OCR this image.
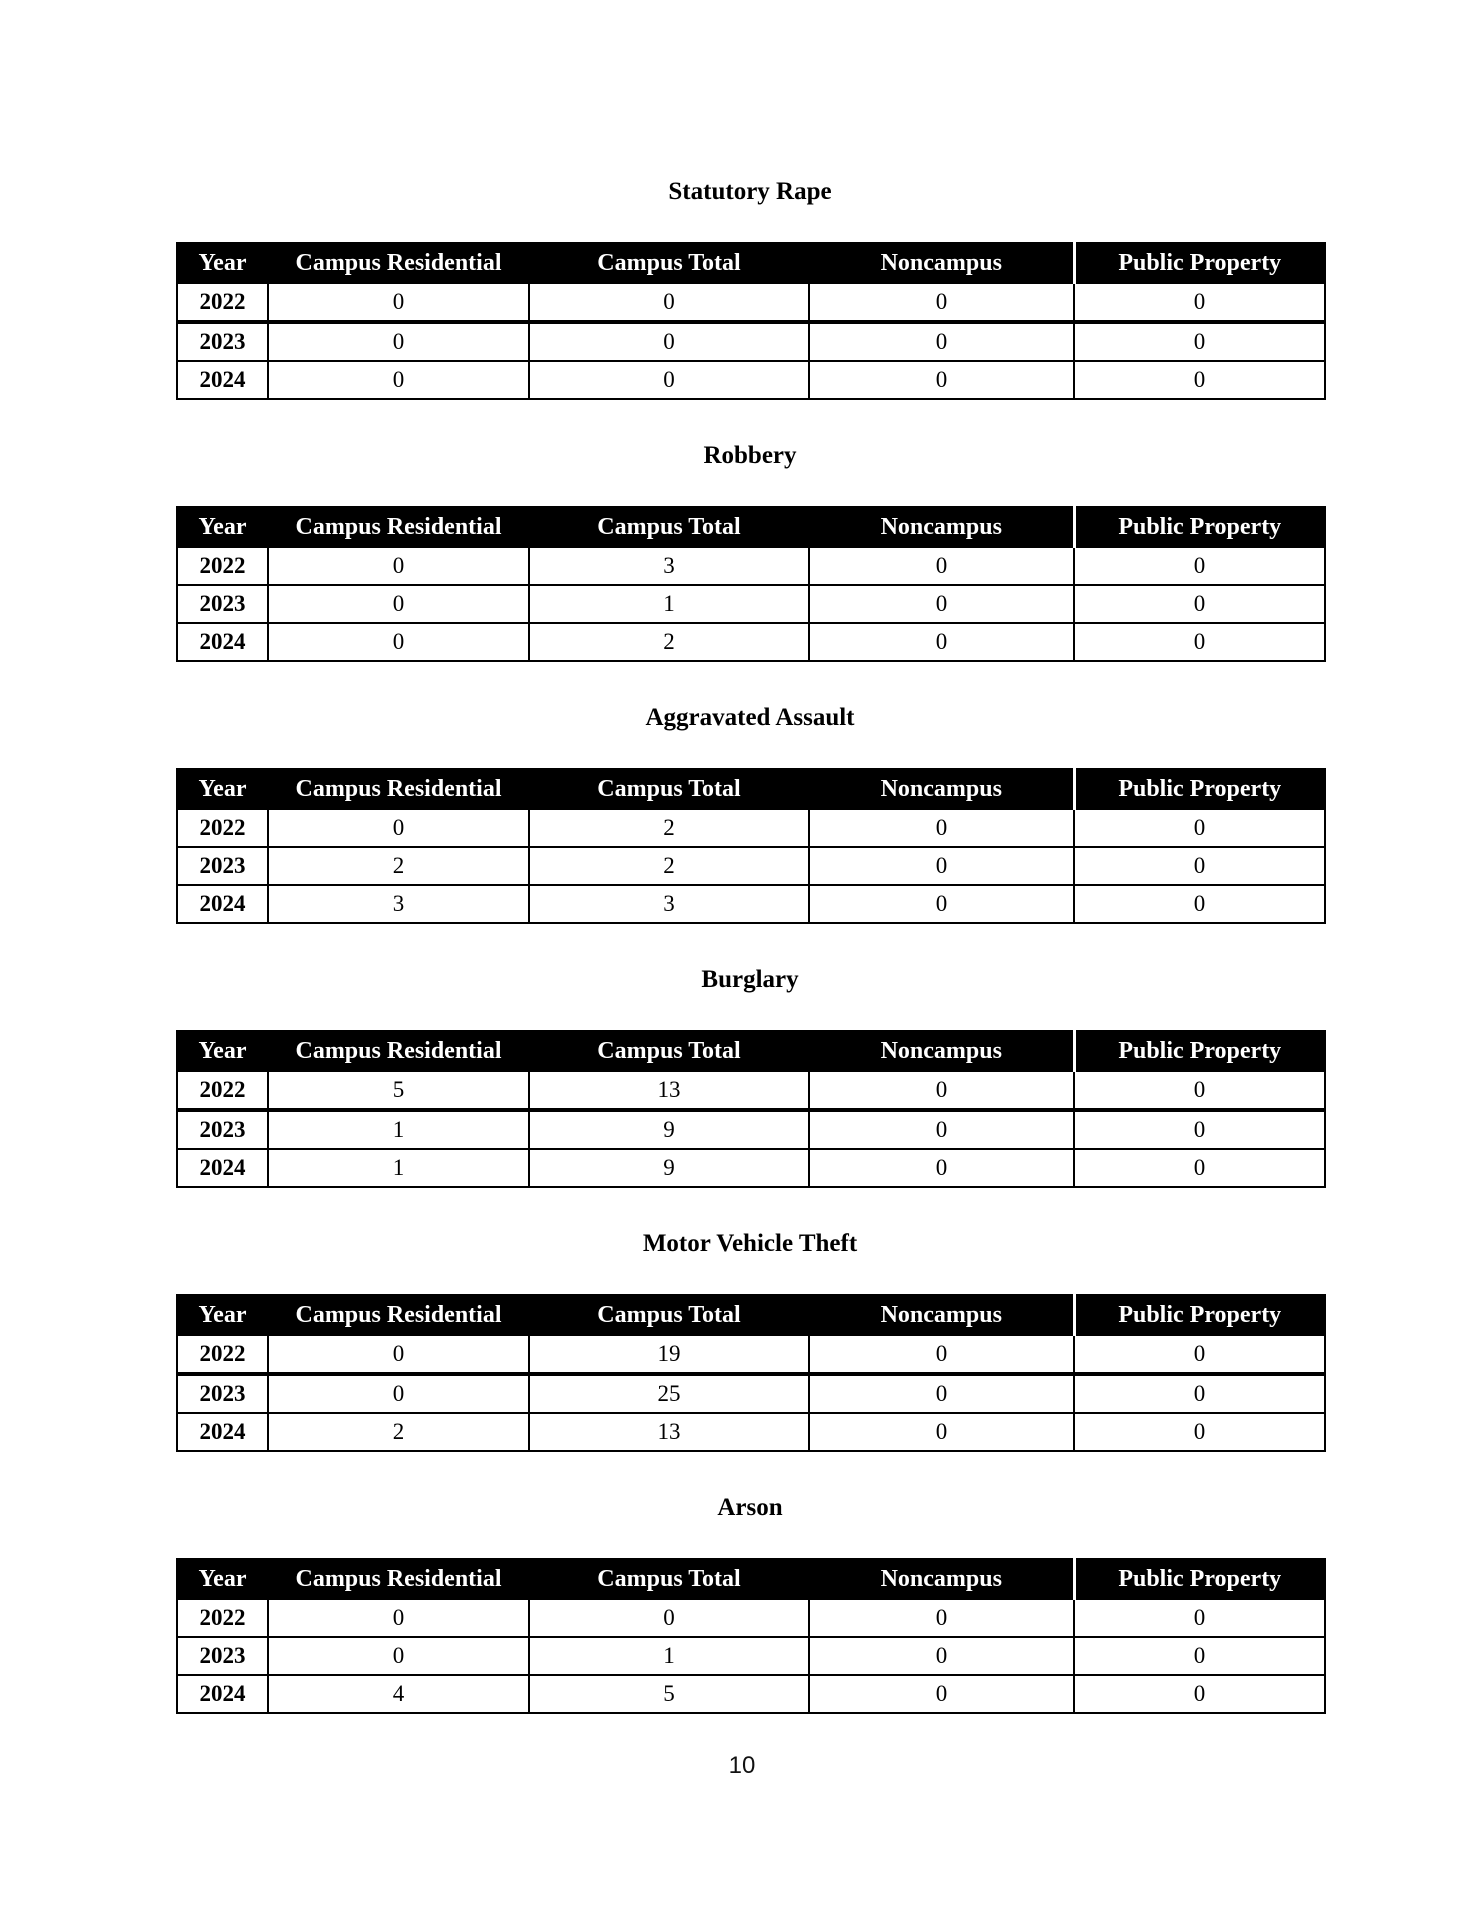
Statutory Rape
Year	Campus Residential	Campus Total	Noncampus	Public Property
2022	0	0	0	0
2023	0	0	0	0
2024	0	0	0	0
Robbery
Year	Campus Residential	Campus Total	Noncampus	Public Property
2022	0	3	0	0
2023	0	1	0	0
2024	0	2	0	0
Aggravated Assault
Year	Campus Residential	Campus Total	Noncampus	Public Property
2022	0	2	0	0
2023	2	2	0	0
2024	3	3	0	0
Burglary
Year	Campus Residential	Campus Total	Noncampus	Public Property
2022	5	13	0	0
2023	1	9	0	0
2024	1	9	0	0
Motor Vehicle Theft
Year	Campus Residential	Campus Total	Noncampus	Public Property
2022	0	19	0	0
2023	0	25	0	0
2024	2	13	0	0
Arson
Year	Campus Residential	Campus Total	Noncampus	Public Property
2022	0	0	0	0
2023	0	1	0	0
2024	4	5	0	0
10
